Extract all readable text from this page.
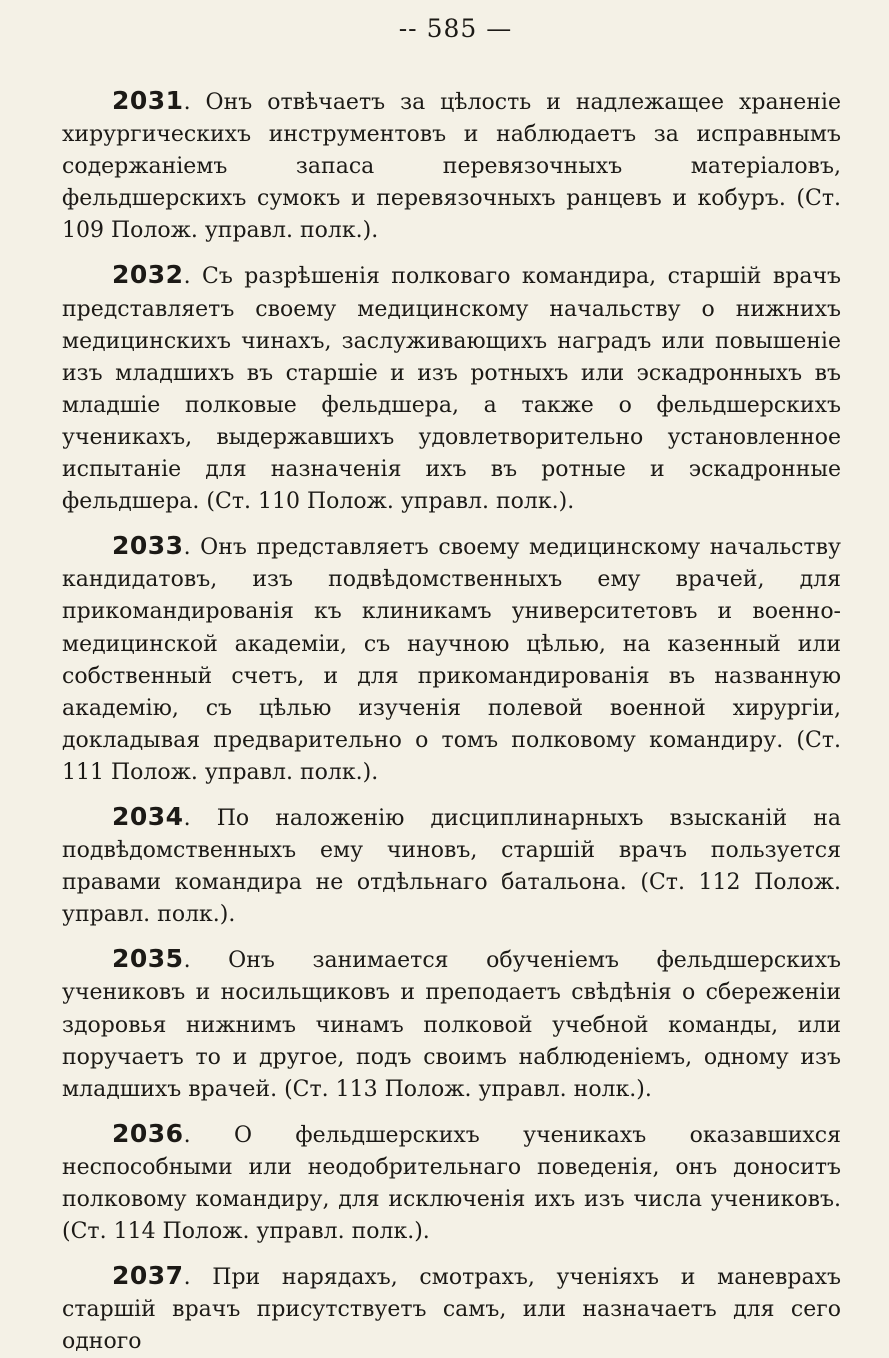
-- 585 —

2031. Онъ отвѣчаетъ за цѣлость и надлежащее храненіе хирургическихъ инструментовъ и наблюдаетъ за исправнымъ содержаніемъ запаса перевязочныхъ матеріаловъ, фельдшерскихъ сумокъ и перевязочныхъ ранцевъ и кобуръ. (Ст. 109 Полож. управл. полк.).

2032. Съ разрѣшенія полковаго командира, старшій врачъ представляетъ своему медицинскому начальству о нижнихъ медицинскихъ чинахъ, заслуживающихъ наградъ или повышеніе изъ младшихъ въ старшіе и изъ ротныхъ или эскадронныхъ въ младшіе полковые фельдшера, а также о фельдшерскихъ ученикахъ, выдержавшихъ удовлетворительно установленное испытаніе для назначенія ихъ въ ротные и эскадронные фельдшера. (Ст. 110 Полож. управл. полк.).

2033. Онъ представляетъ своему медицинскому начальству кандидатовъ, изъ подвѣдомственныхъ ему врачей, для прикомандированія къ клиникамъ университетовъ и военно-медицинской академіи, съ научною цѣлью, на казенный или собственный счетъ, и для прикомандированія въ названную академію, съ цѣлью изученія полевой военной хирургіи, докладывая предварительно о томъ полковому командиру. (Ст. 111 Полож. управл. полк.).

2034. По наложенію дисциплинарныхъ взысканій на подвѣдомственныхъ ему чиновъ, старшій врачъ пользуется правами командира не отдѣльнаго батальона. (Ст. 112 Полож. управл. полк.).

2035. Онъ занимается обученіемъ фельдшерскихъ учениковъ и носильщиковъ и преподаетъ свѣдѣнія о сбереженіи здоровья нижнимъ чинамъ полковой учебной команды, или поручаетъ то и другое, подъ своимъ наблюденіемъ, одному изъ младшихъ врачей. (Ст. 113 Полож. управл. нолк.).

2036. О фельдшерскихъ ученикахъ оказавшихся неспособными или неодобрительнаго поведенія, онъ доноситъ полковому командиру, для исключенія ихъ изъ числа учениковъ. (Ст. 114 Полож. управл. полк.).

2037. При нарядахъ, смотрахъ, ученіяхъ и маневрахъ старшій врачъ присутствуетъ самъ, или назначаетъ для сего одного
